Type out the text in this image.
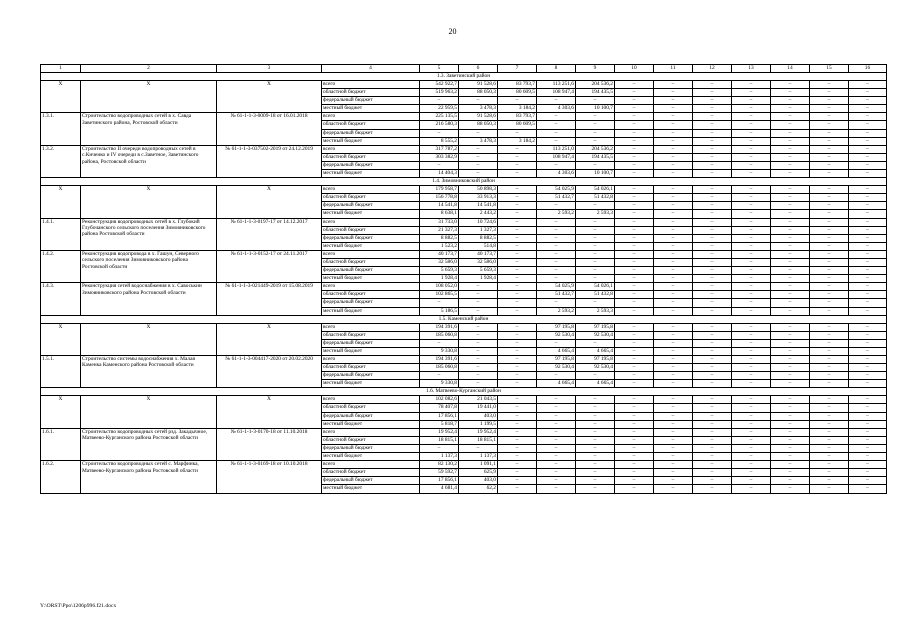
20
1	2	3	4	5	6	7	8	9	10	11	12	13	14	15	16
1.3. Заветинский район															
Х	Х	Х	всего	542 922,7	91 528,6	83 793,7	113 251,6	204 536,2	–	–	–	–	–	–	–
			областной бюджет	519 963,2	88 050,3	80 609,5	108 947,4	194 435,5	–	–	–	–	–	–	–
			федеральный бюджет	–	–	–	–	–	–	–	–	–	–	–	–
			местный бюджет	22 959,5	3 478,3	3 184,2	4 303,6	10 100,7	–	–	–	–	–	–	–
1.3.1.	Строительство водопроводных сетей в х. Савда Заветинского района, Ростовской области	№ 61-1-1-3-0009-18 от 16.01.2018	всего	225 135,5	91 528,6	83 793,7	–	–	–	–	–	–	–	–	–
			областной бюджет	216 580,3	88 050,3	80 609,5	–	–	–	–	–	–	–	–	–
			федеральный бюджет	–	–	–	–	–	–	–	–	–	–	–	–
			местный бюджет	8 555,2	3 478,3	3 184,2	–	–	–	–	–	–	–	–	–
1.3.2.	Строительство II очереди водопроводных сетей в с.Киченко и IV очереди в с.Заветное, Заветинского района, Ростовской области	№ 61-1-1-3-037502-2019 от 24.12.2019	всего	317 787,2	–	–	113 251,0	204 536,2	–	–	–	–	–	–	–
			областной бюджет	303 382,9	–	–	108 947,4	194 435,5	–	–	–	–	–	–	–
			федеральный бюджет	–	–	–	–	–	–	–	–	–	–	–	–
			местный бюджет	14 404,3	–	–	4 303,6	10 100,7	–	–	–	–	–	–	–
1.4. Зимовниковский район															
Х	Х	Х	всего	179 958,7	50 898,3	–	54 025,9	54 026,1	–	–	–	–	–	–	–
			областной бюджет	156 778,8	33 913,3	–	51 432,7	51 432,8	–	–	–	–	–	–	–
			федеральный бюджет	14 541,8	14 541,8	–	–	–	–	–	–	–	–	–	–
			местный бюджет	8 638,1	2 443,2	–	2 593,2	2 593,3	–	–	–	–	–	–	–
1.4.1.	Реконструкция водопроводных сетей в х. Глубокий Глубочанского сельского поселения Зимовниковского района Ростовской области	№ 61-1-1-3-0197-17 от 14.12.2017	всего	31 733,0	10 724,6	–	–	–	–	–	–	–	–	–	–
			областной бюджет	21 327,3	1 327,3	–	–	–	–	–	–	–	–	–	–
			федеральный бюджет	8 882,5	8 882,5	–	–	–	–	–	–	–	–	–	–
			местный бюджет	1 523,2	514,8	–	–	–	–	–	–	–	–	–	–
1.4.2.	Реконструкция водопровода в х. Гашун, Северного сельского поселения Зимовниковского района Ростовской области	№ 61-1-1-3-0152-17 от 24.11.2017	всего	40 173,7	40 173,7	–	–	–	–	–	–	–	–	–	–
			областной бюджет	32 586,0	32 586,0	–	–	–	–	–	–	–	–	–	–
			федеральный бюджет	5 659,3	5 659,3	–	–	–	–	–	–	–	–	–	–
			местный бюджет	1 928,4	1 928,4	–	–	–	–	–	–	–	–	–	–
1.4.3.	Реконструкция сетей водоснабжения в х. Савоськин Зимовниковского района Ростовской области	№ 61-1-1-3-021449-2019 от 15.08.2019	всего	108 052,0	–	–	54 025,9	54 026,1	–	–	–	–	–	–	–
			областной бюджет	102 865,5	–	–	51 432,7	51 432,8	–	–	–	–	–	–	–
			федеральный бюджет	–	–	–	–	–	–	–	–	–	–	–	–
			местный бюджет	5 186,5	–	–	2 593,2	2 593,3	–	–	–	–	–	–	–
1.5. Каменский район															
Х	Х	Х	всего	194 391,6	–	–	97 195,8	97 195,8	–	–	–	–	–	–	–
			областной бюджет	185 060,8	–	–	92 530,4	92 530,4	–	–	–	–	–	–	–
			федеральный бюджет	–	–	–	–	–	–	–	–	–	–	–	–
			местный бюджет	9 330,8	–	–	4 665,4	4 665,4	–	–	–	–	–	–	–
1.5.1.	Строительство системы водоснабжения х. Малая Каменка Каменского района Ростовской области	№ 61-1-1-3-004417-2020 от 20.02.2020	всего	194 391,6	–	–	97 195,8	97 195,8	–	–	–	–	–	–	–
			областной бюджет	185 060,8	–	–	92 530,4	92 530,4	–	–	–	–	–	–	–
			федеральный бюджет	–	–	–	–	–	–	–	–	–	–	–	–
			местный бюджет	9 330,8	–	–	4 665,4	4 665,4	–	–	–	–	–	–	–
1.6. Матвеево-Курганский район															
Х	Х	Х	всего	102 082,6	21 043,5	–	–	–	–	–	–	–	–	–	–
			областной бюджет	78 407,8	19 441,0	–	–	–	–	–	–	–	–	–	–
			федеральный бюджет	17 856,1	403,0	–	–	–	–	–	–	–	–	–	–
			местный бюджет	5 818,7	1 199,5	–	–	–	–	–	–	–	–	–	–
1.6.1.	Строительство водопроводных сетей рзд. Закадычное, Матвеево-Курганского района Ростовской области	№ 61-1-1-3-0170-18 от 11.10.2018	всего	19 952,4	19 952,4	–	–	–	–	–	–	–	–	–	–
			областной бюджет	18 815,1	18 815,1	–	–	–	–	–	–	–	–	–	–
			федеральный бюджет	–	–	–	–	–	–	–	–	–	–	–	–
			местный бюджет	1 137,3	1 137,3	–	–	–	–	–	–	–	–	–	–
1.6.2.	Строительство водопроводных сетей с. Марфинка, Матвеево-Курганского района Ростовской области	№ 61-1-1-3-0169-18 от 10.10.2018	всего	82 130,2	1 091,1	–	–	–	–	–	–	–	–	–	–
			областной бюджет	59 592,7	625,9	–	–	–	–	–	–	–	–	–	–
			федеральный бюджет	17 856,1	403,0	–	–	–	–	–	–	–	–	–	–
			местный бюджет	4 681,4	62,2	–	–	–	–	–	–	–	–	–	–
Y:\ORST\Ppo\1206p996.f21.docx
